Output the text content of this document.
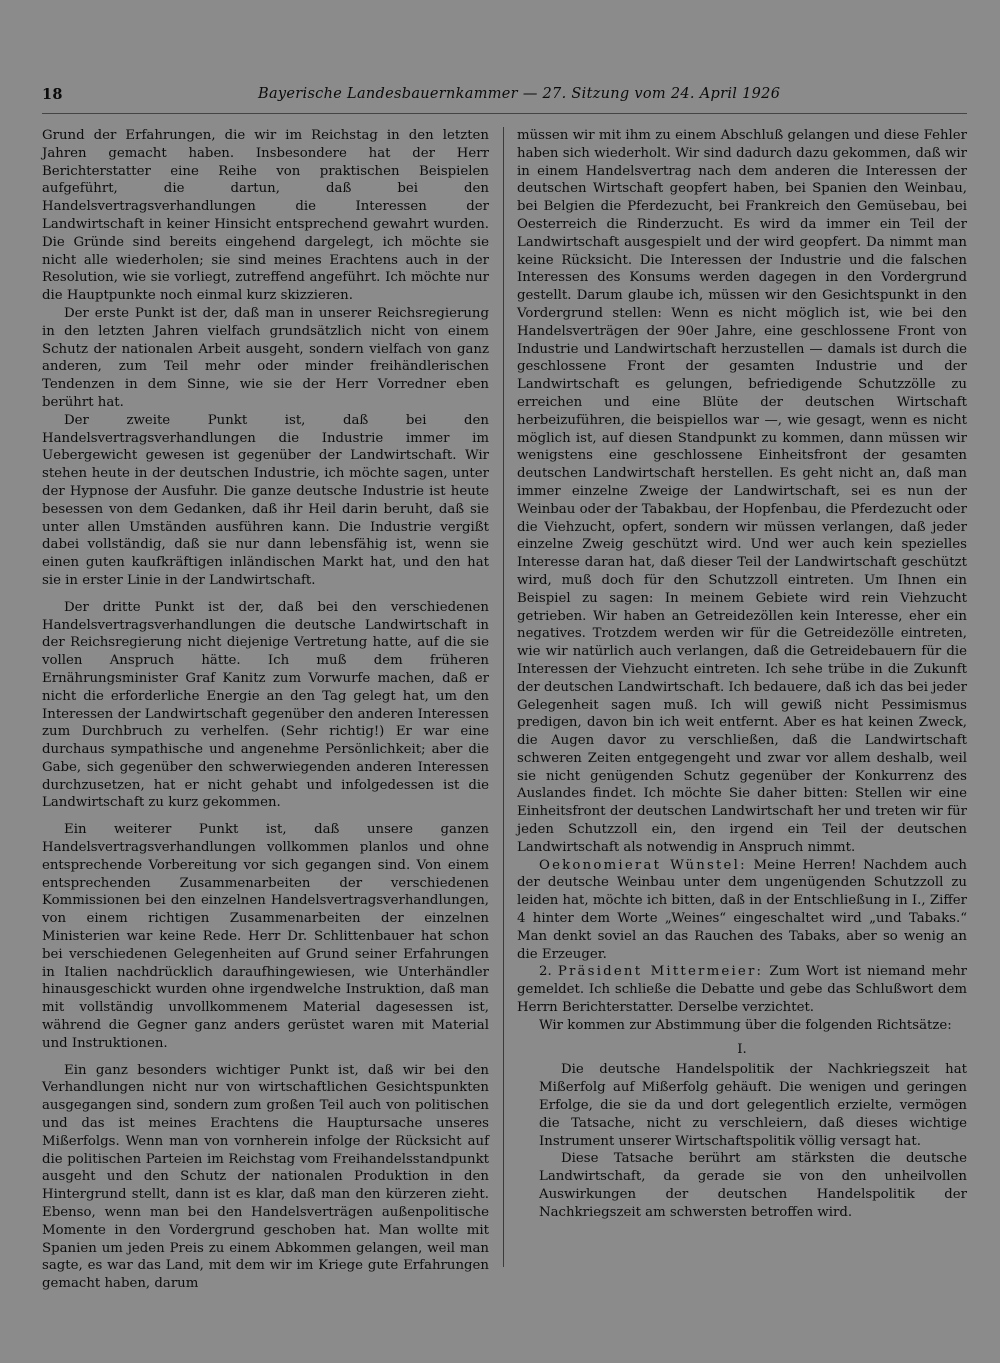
18	Bayerische Landesbauernkammer — 27. Sitzung vom 24. April 1926

Grund der Erfahrungen, die wir im Reichstag in den letzten Jahren gemacht haben. Insbesondere hat der Herr Berichterstatter eine Reihe von praktischen Beispielen aufgeführt, die dartun, daß bei den Handelsvertragsverhandlungen die Interessen der Landwirtschaft in keiner Hinsicht entsprechend gewahrt wurden. Die Gründe sind bereits eingehend dargelegt, ich möchte sie nicht alle wiederholen; sie sind meines Erachtens auch in der Resolution, wie sie vorliegt, zutreffend angeführt. Ich möchte nur die Hauptpunkte noch einmal kurz skizzieren.

Der erste Punkt ist der, daß man in unserer Reichsregierung in den letzten Jahren vielfach grundsätzlich nicht von einem Schutz der nationalen Arbeit ausgeht, sondern vielfach von ganz anderen, zum Teil mehr oder minder freihändlerischen Tendenzen in dem Sinne, wie sie der Herr Vorredner eben berührt hat.

Der zweite Punkt ist, daß bei den Handelsvertragsverhandlungen die Industrie immer im Uebergewicht gewesen ist gegenüber der Landwirtschaft. Wir stehen heute in der deutschen Industrie, ich möchte sagen, unter der Hypnose der Ausfuhr. Die ganze deutsche Industrie ist heute besessen von dem Gedanken, daß ihr Heil darin beruht, daß sie unter allen Umständen ausführen kann. Die Industrie vergißt dabei vollständig, daß sie nur dann lebensfähig ist, wenn sie einen guten kaufkräftigen inländischen Markt hat, und den hat sie in erster Linie in der Landwirtschaft.

Der dritte Punkt ist der, daß bei den verschiedenen Handelsvertragsverhandlungen die deutsche Landwirtschaft in der Reichsregierung nicht diejenige Vertretung hatte, auf die sie vollen Anspruch hätte. Ich muß dem früheren Ernährungsminister Graf Kanitz zum Vorwurfe machen, daß er nicht die erforderliche Energie an den Tag gelegt hat, um den Interessen der Landwirtschaft gegenüber den anderen Interessen zum Durchbruch zu verhelfen. (Sehr richtig!) Er war eine durchaus sympathische und angenehme Persönlichkeit; aber die Gabe, sich gegenüber den schwerwiegenden anderen Interessen durchzusetzen, hat er nicht gehabt und infolgedessen ist die Landwirtschaft zu kurz gekommen.

Ein weiterer Punkt ist, daß unsere ganzen Handelsvertragsverhandlungen vollkommen planlos und ohne entsprechende Vorbereitung vor sich gegangen sind. Von einem entsprechenden Zusammenarbeiten der verschiedenen Kommissionen bei den einzelnen Handelsvertragsverhandlungen, von einem richtigen Zusammenarbeiten der einzelnen Ministerien war keine Rede. Herr Dr. Schlittenbauer hat schon bei verschiedenen Gelegenheiten auf Grund seiner Erfahrungen in Italien nachdrücklich daraufhingewiesen, wie Unterhändler hinausgeschickt wurden ohne irgendwelche Instruktion, daß man mit vollständig unvollkommenem Material dagesessen ist, während die Gegner ganz anders gerüstet waren mit Material und Instruktionen.

Ein ganz besonders wichtiger Punkt ist, daß wir bei den Verhandlungen nicht nur von wirtschaftlichen Gesichtspunkten ausgegangen sind, sondern zum großen Teil auch von politischen und das ist meines Erachtens die Hauptursache unseres Mißerfolgs. Wenn man von vornherein infolge der Rücksicht auf die politischen Parteien im Reichstag vom Freihandelsstandpunkt ausgeht und den Schutz der nationalen Produktion in den Hintergrund stellt, dann ist es klar, daß man den kürzeren zieht. Ebenso, wenn man bei den Handelsverträgen außenpolitische Momente in den Vordergrund geschoben hat. Man wollte mit Spanien um jeden Preis zu einem Abkommen gelangen, weil man sagte, es war das Land, mit dem wir im Kriege gute Erfahrungen gemacht haben, darum

müssen wir mit ihm zu einem Abschluß gelangen und diese Fehler haben sich wiederholt. Wir sind dadurch dazu gekommen, daß wir in einem Handelsvertrag nach dem anderen die Interessen der deutschen Wirtschaft geopfert haben, bei Spanien den Weinbau, bei Belgien die Pferdezucht, bei Frankreich den Gemüsebau, bei Oesterreich die Rinderzucht. Es wird da immer ein Teil der Landwirtschaft ausgespielt und der wird geopfert. Da nimmt man keine Rücksicht. Die Interessen der Industrie und die falschen Interessen des Konsums werden dagegen in den Vordergrund gestellt. Darum glaube ich, müssen wir den Gesichtspunkt in den Vordergrund stellen: Wenn es nicht möglich ist, wie bei den Handelsverträgen der 90er Jahre, eine geschlossene Front von Industrie und Landwirtschaft herzustellen — damals ist durch die geschlossene Front der gesamten Industrie und der Landwirtschaft es gelungen, befriedigende Schutzzölle zu erreichen und eine Blüte der deutschen Wirtschaft herbeizuführen, die beispiellos war —, wie gesagt, wenn es nicht möglich ist, auf diesen Standpunkt zu kommen, dann müssen wir wenigstens eine geschlossene Einheitsfront der gesamten deutschen Landwirtschaft herstellen. Es geht nicht an, daß man immer einzelne Zweige der Landwirtschaft, sei es nun der Weinbau oder der Tabakbau, der Hopfenbau, die Pferdezucht oder die Viehzucht, opfert, sondern wir müssen verlangen, daß jeder einzelne Zweig geschützt wird. Und wer auch kein spezielles Interesse daran hat, daß dieser Teil der Landwirtschaft geschützt wird, muß doch für den Schutzzoll eintreten. Um Ihnen ein Beispiel zu sagen: In meinem Gebiete wird rein Viehzucht getrieben. Wir haben an Getreidezöllen kein Interesse, eher ein negatives. Trotzdem werden wir für die Getreidezölle eintreten, wie wir natürlich auch verlangen, daß die Getreidebauern für die Interessen der Viehzucht eintreten. Ich sehe trübe in die Zukunft der deutschen Landwirtschaft. Ich bedauere, daß ich das bei jeder Gelegenheit sagen muß. Ich will gewiß nicht Pessimismus predigen, davon bin ich weit entfernt. Aber es hat keinen Zweck, die Augen davor zu verschließen, daß die Landwirtschaft schweren Zeiten entgegengeht und zwar vor allem deshalb, weil sie nicht genügenden Schutz gegenüber der Konkurrenz des Auslandes findet. Ich möchte Sie daher bitten: Stellen wir eine Einheitsfront der deutschen Landwirtschaft her und treten wir für jeden Schutzzoll ein, den irgend ein Teil der deutschen Landwirtschaft als notwendig in Anspruch nimmt.

Oekonomierat Wünstel: Meine Herren! Nachdem auch der deutsche Weinbau unter dem ungenügenden Schutzzoll zu leiden hat, möchte ich bitten, daß in der Entschließung in I., Ziffer 4 hinter dem Worte „Weines“ eingeschaltet wird „und Tabaks.“ Man denkt soviel an das Rauchen des Tabaks, aber so wenig an die Erzeuger.

2. Präsident Mittermeier: Zum Wort ist niemand mehr gemeldet. Ich schließe die Debatte und gebe das Schlußwort dem Herrn Berichterstatter. Derselbe verzichtet.

Wir kommen zur Abstimmung über die folgenden Richtsätze:

I.

Die deutsche Handelspolitik der Nachkriegszeit hat Mißerfolg auf Mißerfolg gehäuft. Die wenigen und geringen Erfolge, die sie da und dort gelegentlich erzielte, vermögen die Tatsache, nicht zu verschleiern, daß dieses wichtige Instrument unserer Wirtschaftspolitik völlig versagt hat.

Diese Tatsache berührt am stärksten die deutsche Landwirtschaft, da gerade sie von den unheilvollen Auswirkungen der deutschen Handelspolitik der Nachkriegszeit am schwersten betroffen wird.
